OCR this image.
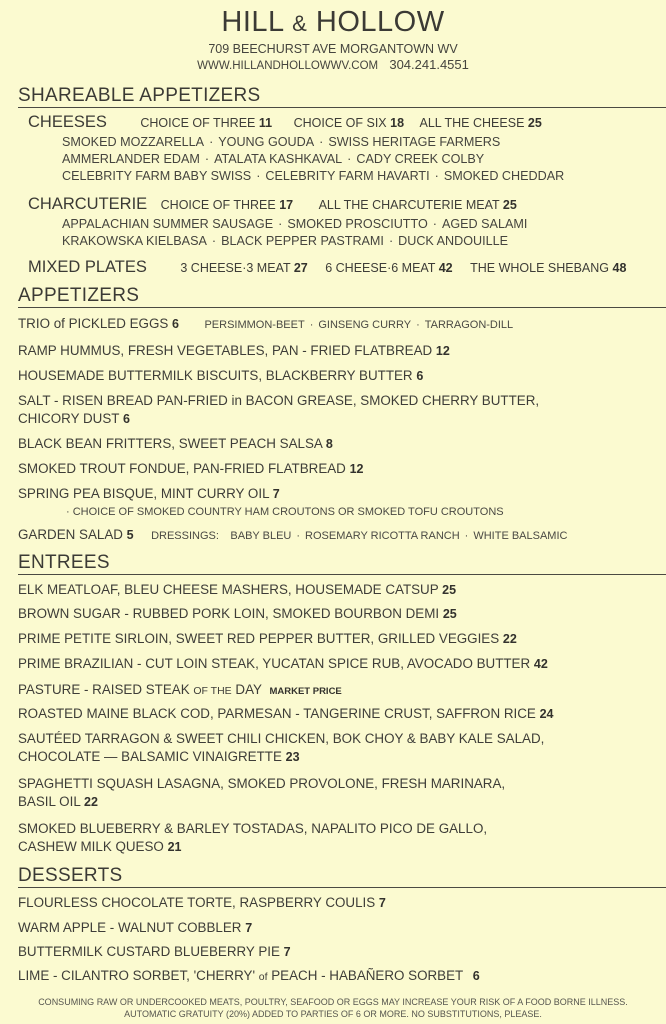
HILL & HOLLOW
709 BEECHURST AVE MORGANTOWN WV
WWW.HILLANDHOLLOWWV.COM 304.241.4551
SHAREABLE APPETIZERS
CHEESES	CHOICE OF THREE 11 CHOICE OF SIX 18 ALL THE CHEESE 25
SMOKED MOZZARELLA · YOUNG GOUDA · SWISS HERITAGE FARMERS
AMMERLANDER EDAM · ATALATA KASHKAVAL · CADY CREEK COLBY
CELEBRITY FARM BABY SWISS · CELEBRITY FARM HAVARTI · SMOKED CHEDDAR
CHARCUTERIE CHOICE OF THREE 17 ALL THE CHARCUTERIE MEAT 25
APPALACHIAN SUMMER SAUSAGE · SMOKED PROSCIUTTO · AGED SALAMI
KRAKOWSKA KIELBASA · BLACK PEPPER PASTRAMI · DUCK ANDOUILLE
MIXED PLATES	3 CHEESE·3 MEAT 27 6 CHEESE·6 MEAT 42 THE WHOLE SHEBANG 48
APPETIZERS
TRIO of PICKLED EGGS 6 PERSIMMON-BEET · GINSENG CURRY · TARRAGON-DILL
RAMP HUMMUS, FRESH VEGETABLES, PAN - FRIED FLATBREAD 12
HOUSEMADE BUTTERMILK BISCUITS, BLACKBERRY BUTTER 6
SALT - RISEN BREAD PAN-FRIED in BACON GREASE, SMOKED CHERRY BUTTER,
CHICORY DUST 6
BLACK BEAN FRITTERS, SWEET PEACH SALSA 8
SMOKED TROUT FONDUE, PAN-FRIED FLATBREAD 12
SPRING PEA BISQUE, MINT CURRY OIL 7
· CHOICE OF SMOKED COUNTRY HAM CROUTONS OR SMOKED TOFU CROUTONS
GARDEN SALAD 5 DRESSINGS: BABY BLEU · ROSEMARY RICOTTA RANCH · WHITE BALSAMIC
ENTREES
ELK MEATLOAF, BLEU CHEESE MASHERS, HOUSEMADE CATSUP 25
BROWN SUGAR - RUBBED PORK LOIN, SMOKED BOURBON DEMI 25
PRIME PETITE SIRLOIN, SWEET RED PEPPER BUTTER, GRILLED VEGGIES 22
PRIME BRAZILIAN - CUT LOIN STEAK, YUCATAN SPICE RUB, AVOCADO BUTTER 42
PASTURE - RAISED STEAK OF THE DAY MARKET PRICE
ROASTED MAINE BLACK COD, PARMESAN - TANGERINE CRUST, SAFFRON RICE 24
SAUTÉED TARRAGON & SWEET CHILI CHICKEN, BOK CHOY & BABY KALE SALAD,
CHOCOLATE — BALSAMIC VINAIGRETTE 23
SPAGHETTI SQUASH LASAGNA, SMOKED PROVOLONE, FRESH MARINARA,
BASIL OIL 22
SMOKED BLUEBERRY & BARLEY TOSTADAS, NAPALITO PICO DE GALLO,
CASHEW MILK QUESO 21
DESSERTS
FLOURLESS CHOCOLATE TORTE, RASPBERRY COULIS 7
WARM APPLE - WALNUT COBBLER 7
BUTTERMILK CUSTARD BLUEBERRY PIE 7
LIME - CILANTRO SORBET, 'CHERRY' of PEACH - HABAÑERO SORBET 6
CONSUMING RAW OR UNDERCOOKED MEATS, POULTRY, SEAFOOD OR EGGS MAY INCREASE YOUR RISK OF A FOOD BORNE ILLNESS.
AUTOMATIC GRATUITY (20%) ADDED TO PARTIES OF 6 OR MORE. NO SUBSTITUTIONS, PLEASE.
